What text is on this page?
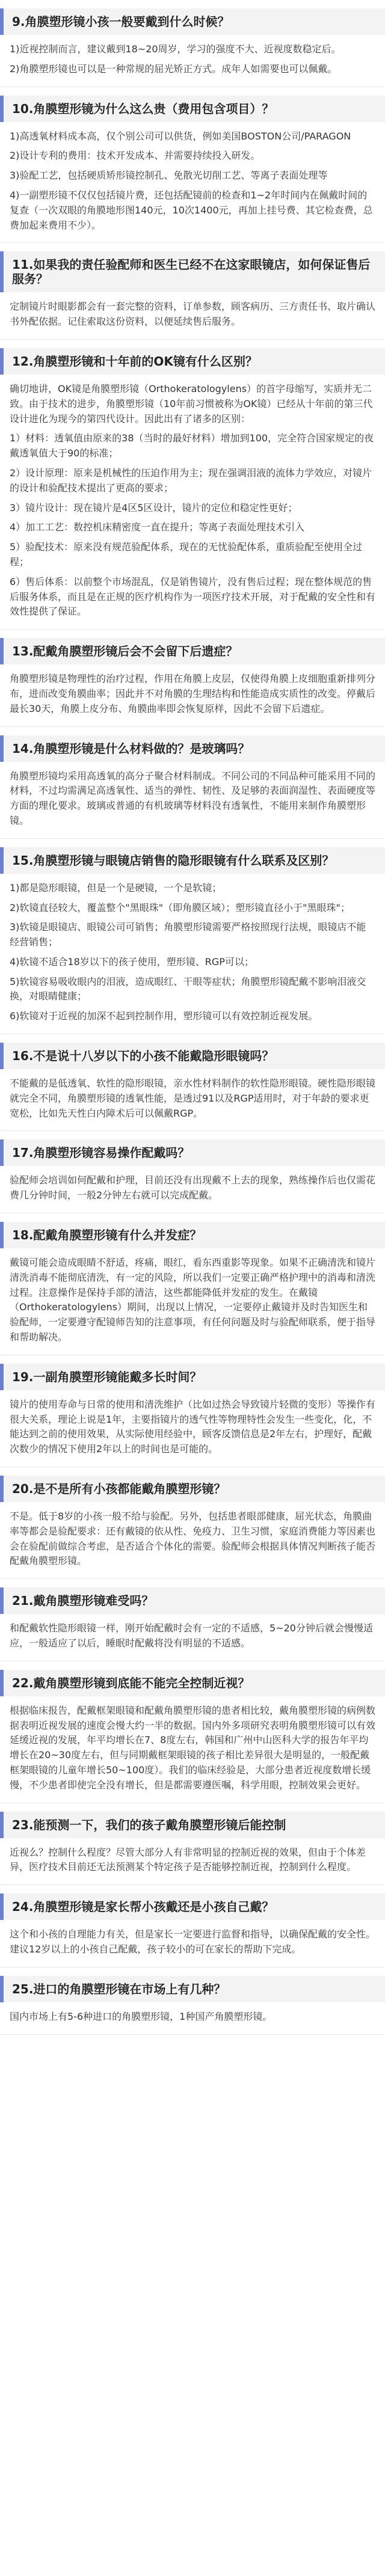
9.角膜塑形镜小孩一般要戴到什么时候？

1)近视控制而言，建议戴到18~20周岁，学习的强度不大、近视度数稳定后。

2)角膜塑形镜也可以是一种常规的屈光矫正方式。成年人如需要也可以佩戴。

10.角膜塑形镜为什么这么贵（费用包含项目）？

1)高透氧材料成本高，仅个别公司可以供货，例如美国BOSTON公司/PARAGON

2)设计专利的费用：技术开发成本、并需要持续投入研发。

3)验配工艺，包括硬质矫形镜控制孔、免散光切削工艺、等离子表面处理等

4)一副塑形镜不仅仅包括镜片费，还包括配镜前的检查和1~2年时间内在佩戴时间的复查（一次双眼的角膜地形图140元，10次1400元，再加上挂号费、其它检查费，总费加起来费用不少）。

11.如果我的责任验配师和医生已经不在这家眼镜店，如何保证售后服务？

定制镜片时眼影都会有一套完整的资料，订单参数，顾客病历、三方责任书、取片确认书外配依据。记住索取这份资料，以便延续售后服务。

12.角膜塑形镜和十年前的OK镜有什么区别？

确切地讲，OK镜是角膜塑形镜（Orthokeratologylens）的首字母缩写，实质并无二致。由于技术的进步，角膜塑形镜（10年前习惯被称为OK镜）已经从十年前的第三代设计进化为现今的第四代设计。因此出有了诸多的区别：

1）材料：透氧值由原来的38（当时的最好材料）增加到100，完全符合国家规定的夜戴透氧值大于90的标准；

2）设计原理：原来是机械性的压迫作用为主；现在强调泪液的流体力学效应，对镜片的设计和验配技术提出了更高的要求；

3）镜片设计：现在镜片是4区5区设计，镜片的定位和稳定性更好；

4）加工工艺：数控机床精密度一直在提升；等离子表面处理技术引入

5）验配技术：原来没有规范验配体系，现在的无忧验配体系，重质验配至使用全过程；

6）售后体系：以前整个市场混乱，仅是销售镜片，没有售后过程；现在整体规范的售后服务体系，而且是在正规的医疗机构作为一项医疗技术开展，对于配戴的安全性和有效性提供了保证。

13.配戴角膜塑形镜后会不会留下后遗症？

角膜塑形镜是物理性的治疗过程，作用在角膜上皮层，仅使得角膜上皮细胞重新排列分布，进而改变角膜曲率；因此并不对角膜的生理结构和性能造成实质性的改变。停戴后最长30天，角膜上皮分布、角膜曲率即会恢复原样，因此不会留下后遗症。

14.角膜塑形镜是什么材料做的？是玻璃吗？

角膜塑形镜均采用高透氧的高分子聚合材料制成。不同公司的不同品种可能采用不同的材料，不过均需满足高透氧性、适当的弹性、韧性、及足够的表面润湿性、表面硬度等方面的理化要求。玻璃或普通的有机玻璃等材料没有透氧性，不能用来制作角膜塑形镜。

15.角膜塑形镜与眼镜店销售的隐形眼镜有什么联系及区别？

1)都是隐形眼镜，但是一个是硬镜，一个是软镜；

2)软镜直径较大，覆盖整个"黑眼珠"（即角膜区域）；塑形镜直径小于"黑眼珠"；

3)软镜是眼镜店、眼镜公司可销售；角膜塑形镜需要严格按照现行法规，眼镜店不能经营销售；

4)软镜不适合18岁以下的孩子使用，塑形镜、RGP可以；

5)软镜容易吸收眼内的泪液，造成眼红、干眼等症状；角膜塑形镜配戴不影响泪液交换，对眼睛健康；

6)软镜对于近视的加深不起到控制作用，塑形镜可以有效控制近视发展。

16.不是说十八岁以下的小孩不能戴隐形眼镜吗？

不能戴的是低透氧、软性的隐形眼镜，亲水性材料制作的软性隐形眼镜。硬性隐形眼镜就完全不同，角膜塑形镜的透氧性能，是透过91以及RGP适用时，对于年龄的要求更宽松，比如先天性白内障术后可以佩戴RGP。

17.角膜塑形镜容易操作配戴吗？

验配师会培训如何配戴和护理，目前还没有出现戴不上去的现象，熟练操作后也仅需花费几分钟时间，一般2分钟左右就可以完成配戴。

18.配戴角膜塑形镜有什么并发症？

戴镜可能会造成眼睛不舒适，疼痛，眼红，看东西重影等现象。如果不正确清洗和镜片清洗消毒不能彻底清洗，有一定的风险，所以我们一定要正确严格护理中的消毒和清洗过程。注意操作是保持手部的清洁，这些都能降低并发症的发生。在戴镜（Orthokeratologylens）期间，出现以上情况，一定要停止戴镜并及时告知医生和验配师，一定要遵守配镜师告知的注意事项，有任何问题及时与验配师联系，便于指导和帮助解决。

19.一副角膜塑形镜能戴多长时间？

镜片的使用寿命与日常的使用和清洗维护（比如过热会导致镜片轻微的变形）等操作有很大关系，理论上说是1年，主要指镜片的透气性等物理特性会发生一些变化，化，不能达到之前的使用效果，从实际使用经验中，顾客反馈信息是2年左右，护理好，配戴次数少的情况下使用2年以上的时间也是可能的。

20.是不是所有小孩都能戴角膜塑形镜？

不是。低于8岁的小孩一般不给与验配。另外，包括患者眼部健康，屈光状态，角膜曲率等都会是验配要求：还有戴镜的依从性、免疫力、卫生习惯，家庭消费能力等因素也会在验配前做综合考虑，是否适合个体化的需要。验配师会根据具体情况判断孩子能否配戴角膜塑形镜。

21.戴角膜塑形镜难受吗？

和配戴软性隐形眼镜一样，刚开始配戴时会有一定的不适感，5~20分钟后就会慢慢适应，一般适应了以后，睡眠时配戴将没有明显的不适感。

22.戴角膜塑形镜到底能不能完全控制近视？

根据临床报告，配戴框架眼镜和配戴角膜塑形镜的患者相比较，戴角膜塑形镜的病例数据表明近视发展的速度会慢大约一半的数据。国内外多项研究表明角膜塑形镜可以有效延缓近视的发展，年平均增长在7、8度左右，韩国和广州中山医科大学的报告年平均增长在20~30度左右，但与同期戴框架眼镜的孩子相比差异很大是明显的，一般配戴框架眼镜的儿童年增长50~100度）。我们的临床经验是，大部分患者近视度数增长缓慢，不少患者即使完全没有增长，但是都需要遵医嘱，科学用眼，控制效果会更好。

23.能预测一下，我们的孩子戴角膜塑形镜后能控制

近视么？控制什么程度？尽管大部分人有非常明显的控制近视的效果，但由于个体差异，医疗技术目前还无法预测某个特定孩子是否能够控制近视，控制到什么程度。

24.角膜塑形镜是家长帮小孩戴还是小孩自己戴？

这个和小孩的自理能力有关，但是家长一定要进行监督和指导，以确保配戴的安全性。建议12岁以上的小孩自己配戴，孩子较小的可在家长的帮助下完成。

25.进口的角膜塑形镜在市场上有几种？

国内市场上有5-6种进口的角膜塑形镜，1种国产角膜塑形镜。
